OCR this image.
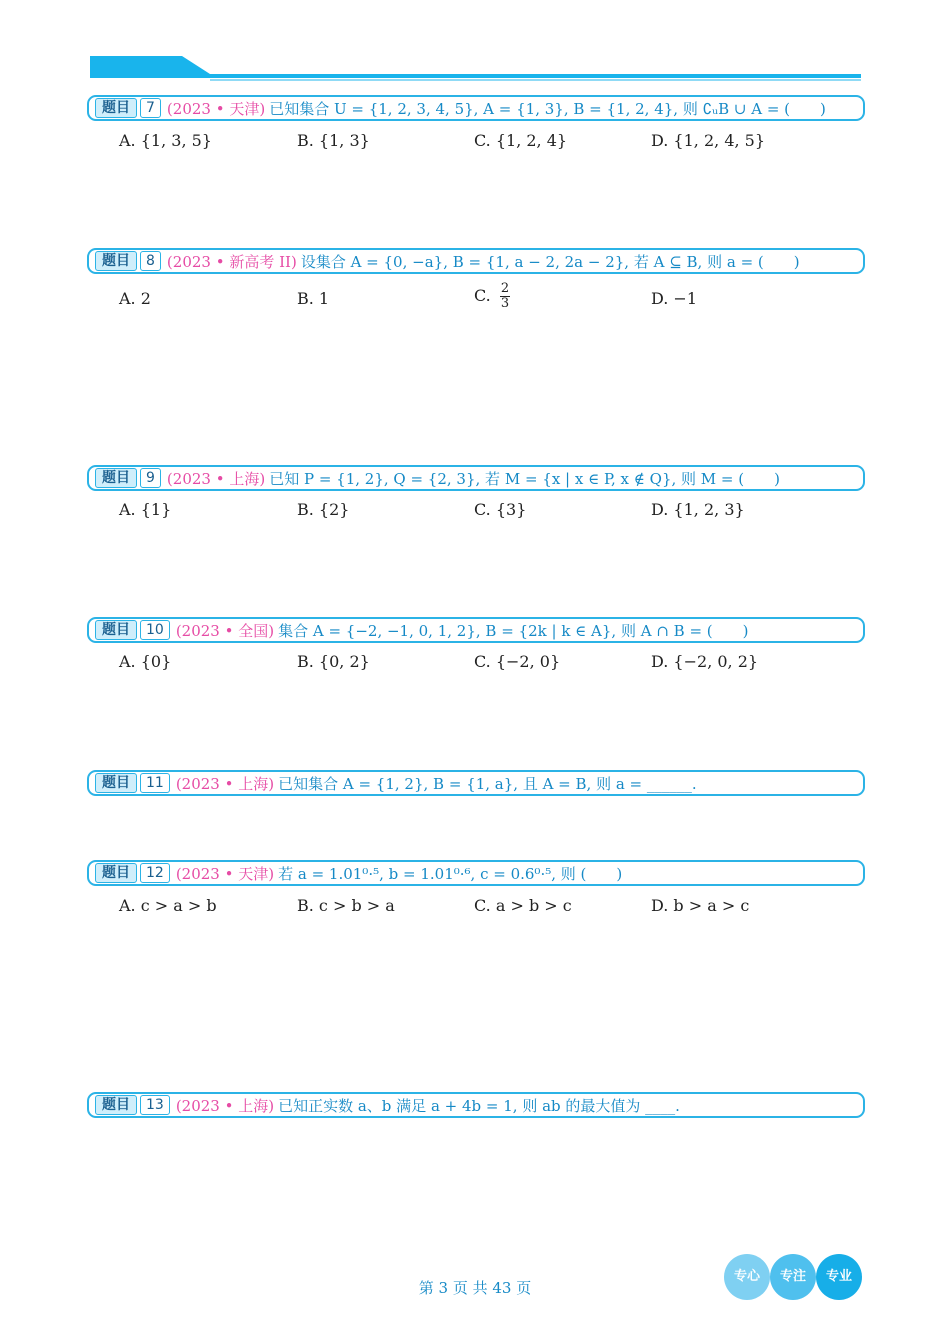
题目	7 (2023 • 天津) 已知集合 U = {1, 2, 3, 4, 5}, A = {1, 3}, B = {1, 2, 4}, 则 ∁ᵤB ∪ A = (　　)
A. {1, 3, 5}	B. {1, 3}	C. {1, 2, 4}	D. {1, 2, 4, 5}
题目	8 (2023 • 新高考 II) 设集合 A = {0, −a}, B = {1, a − 2, 2a − 2}, 若 A ⊆ B, 则 a = (　　)
A. 2	B. 1	C. $\frac{2}{3}$	D. −1
题目	9 (2023 • 上海) 已知 P = {1, 2}, Q = {2, 3}, 若 M = {x | x ∈ P, x ∉ Q}, 则 M = (　　)
A. {1}	B. {2}	C. {3}	D. {1, 2, 3}
题目	10 (2023 • 全国) 集合 A = {−2, −1, 0, 1, 2}, B = {2k | k ∈ A}, 则 A ∩ B = (　　)
A. {0}	B. {0, 2}	C. {−2, 0}	D. {−2, 0, 2}
题目	11 (2023 • 上海) 已知集合 A = {1, 2}, B = {1, a}, 且 A = B, 则 a = ______.
题目	12 (2023 • 天津) 若 a = 1.01⁰·⁵, b = 1.01⁰·⁶, c = 0.6⁰·⁵, 则 (　　)
A. c > a > b	B. c > b > a	C. a > b > c	D. b > a > c
题目	13 (2023 • 上海) 已知正实数 a、b 满足 a + 4b = 1, 则 ab 的最大值为 ____.
第 3 页 共 43 页
专心	专注	专业
